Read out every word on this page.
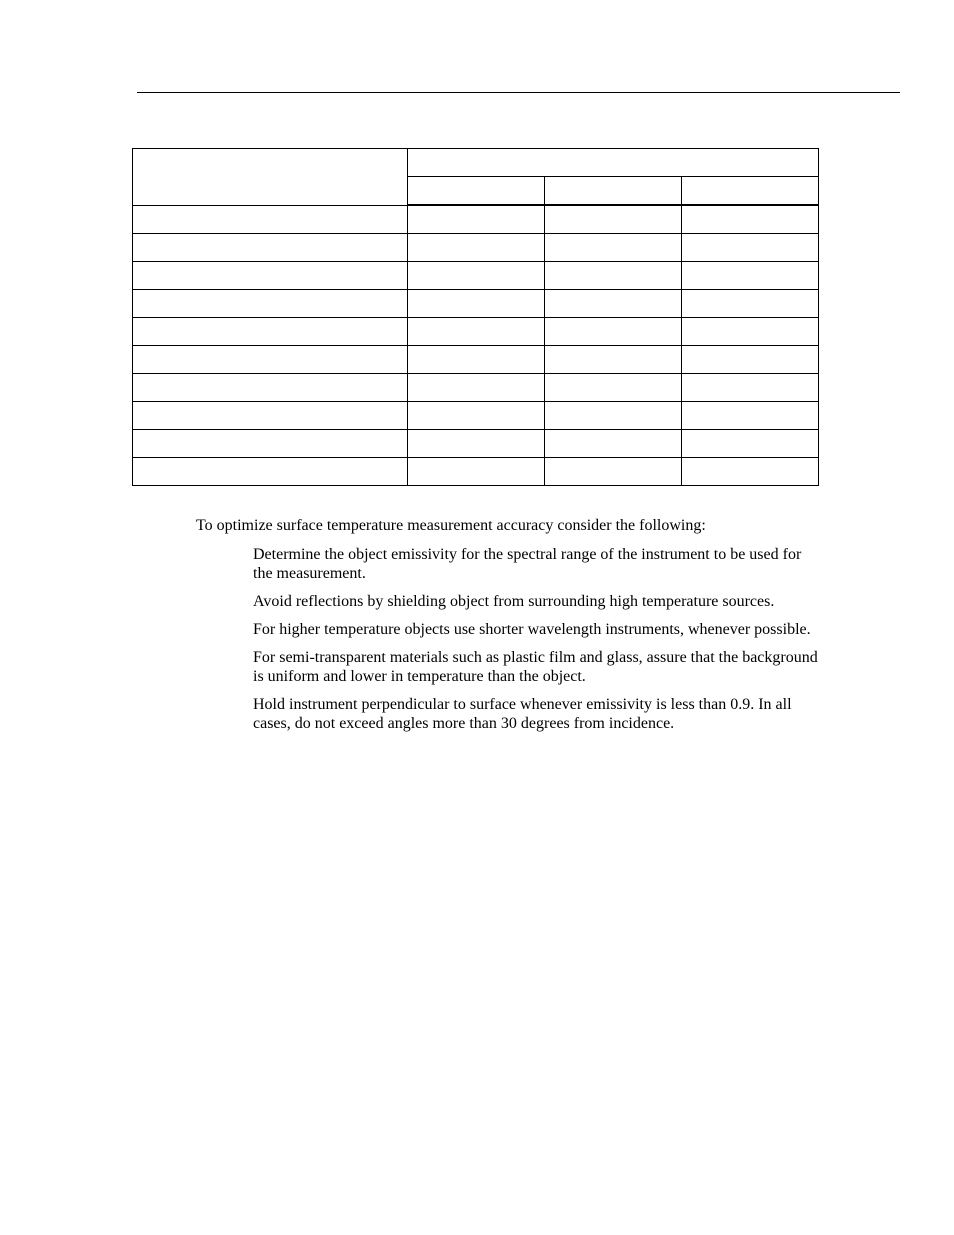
To optimize surface temperature measurement accuracy consider the following:

Determine the object emissivity for the spectral range of the instrument to be used for the measurement.
Avoid reflections by shielding object from surrounding high temperature sources.
For higher temperature objects use shorter wavelength instruments, whenever possible.
For semi-transparent materials such as plastic film and glass, assure that the background is uniform and lower in temperature than the object.
Hold instrument perpendicular to surface whenever emissivity is less than 0.9. In all cases, do not exceed angles more than 30 degrees from incidence.
